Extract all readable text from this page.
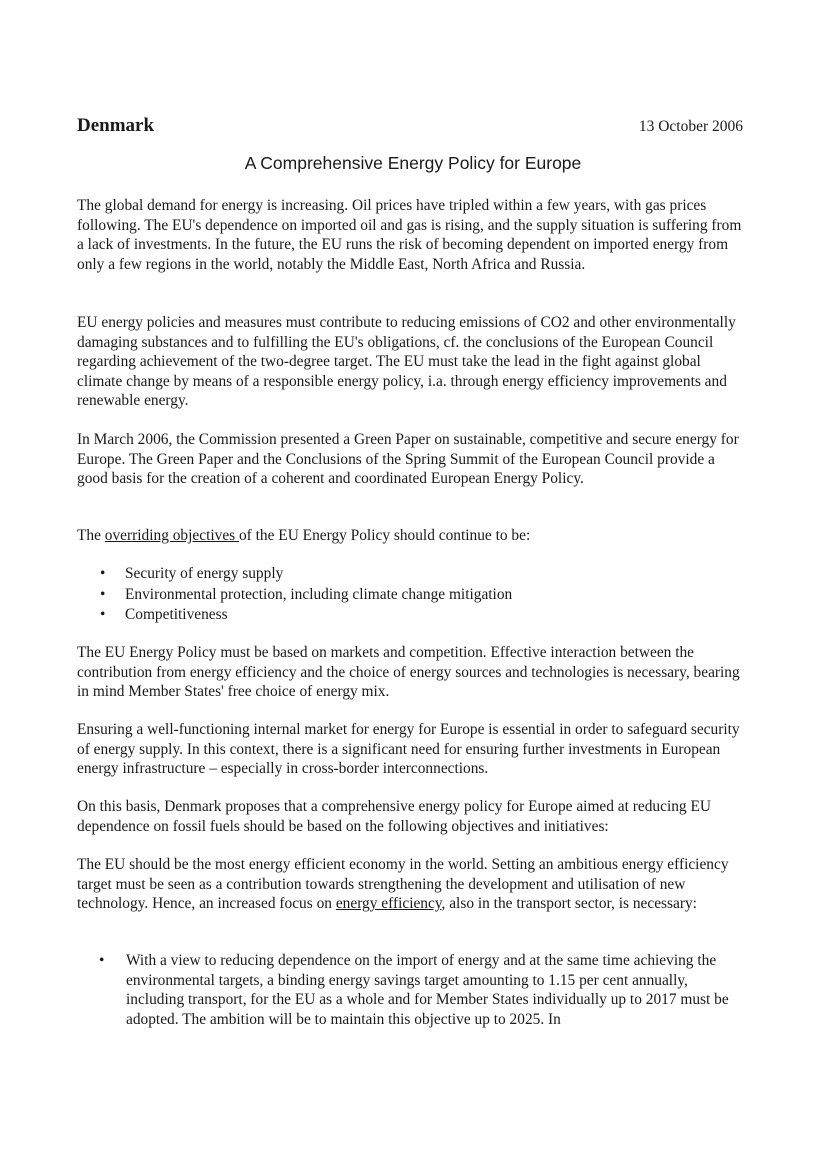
Denmark	13 October 2006
A Comprehensive Energy Policy for Europe

The global demand for energy is increasing. Oil prices have tripled within a few years, with gas prices following. The EU's dependence on imported oil and gas is rising, and the supply situation is suffering from a lack of investments. In the future, the EU runs the risk of becoming dependent on imported energy from only a few regions in the world, notably the Middle East, North Africa and Russia.

EU energy policies and measures must contribute to reducing emissions of CO2 and other environmentally damaging substances and to fulfilling the EU's obligations, cf. the conclusions of the European Council regarding achievement of the two-degree target. The EU must take the lead in the fight against global climate change by means of a responsible energy policy, i.a. through energy efficiency improvements and renewable energy.

In March 2006, the Commission presented a Green Paper on sustainable, competitive and secure energy for Europe. The Green Paper and the Conclusions of the Spring Summit of the European Council provide a good basis for the creation of a coherent and coordinated European Energy Policy.

The overriding objectives of the EU Energy Policy should continue to be:

• Security of energy supply
• Environmental protection, including climate change mitigation
• Competitiveness

The EU Energy Policy must be based on markets and competition. Effective interaction between the contribution from energy efficiency and the choice of energy sources and technologies is necessary, bearing in mind Member States' free choice of energy mix.

Ensuring a well-functioning internal market for energy for Europe is essential in order to safeguard security of energy supply. In this context, there is a significant need for ensuring further investments in European energy infrastructure – especially in cross-border interconnections.

On this basis, Denmark proposes that a comprehensive energy policy for Europe aimed at reducing EU dependence on fossil fuels should be based on the following objectives and initiatives:

The EU should be the most energy efficient economy in the world. Setting an ambitious energy efficiency target must be seen as a contribution towards strengthening the development and utilisation of new technology. Hence, an increased focus on energy efficiency, also in the transport sector, is necessary:

•	With a view to reducing dependence on the import of energy and at the same time achieving the environmental targets, a binding energy savings target amounting to 1.15 per cent annually, including transport, for the EU as a whole and for Member States individually up to 2017 must be adopted. The ambition will be to maintain this objective up to 2025. In
